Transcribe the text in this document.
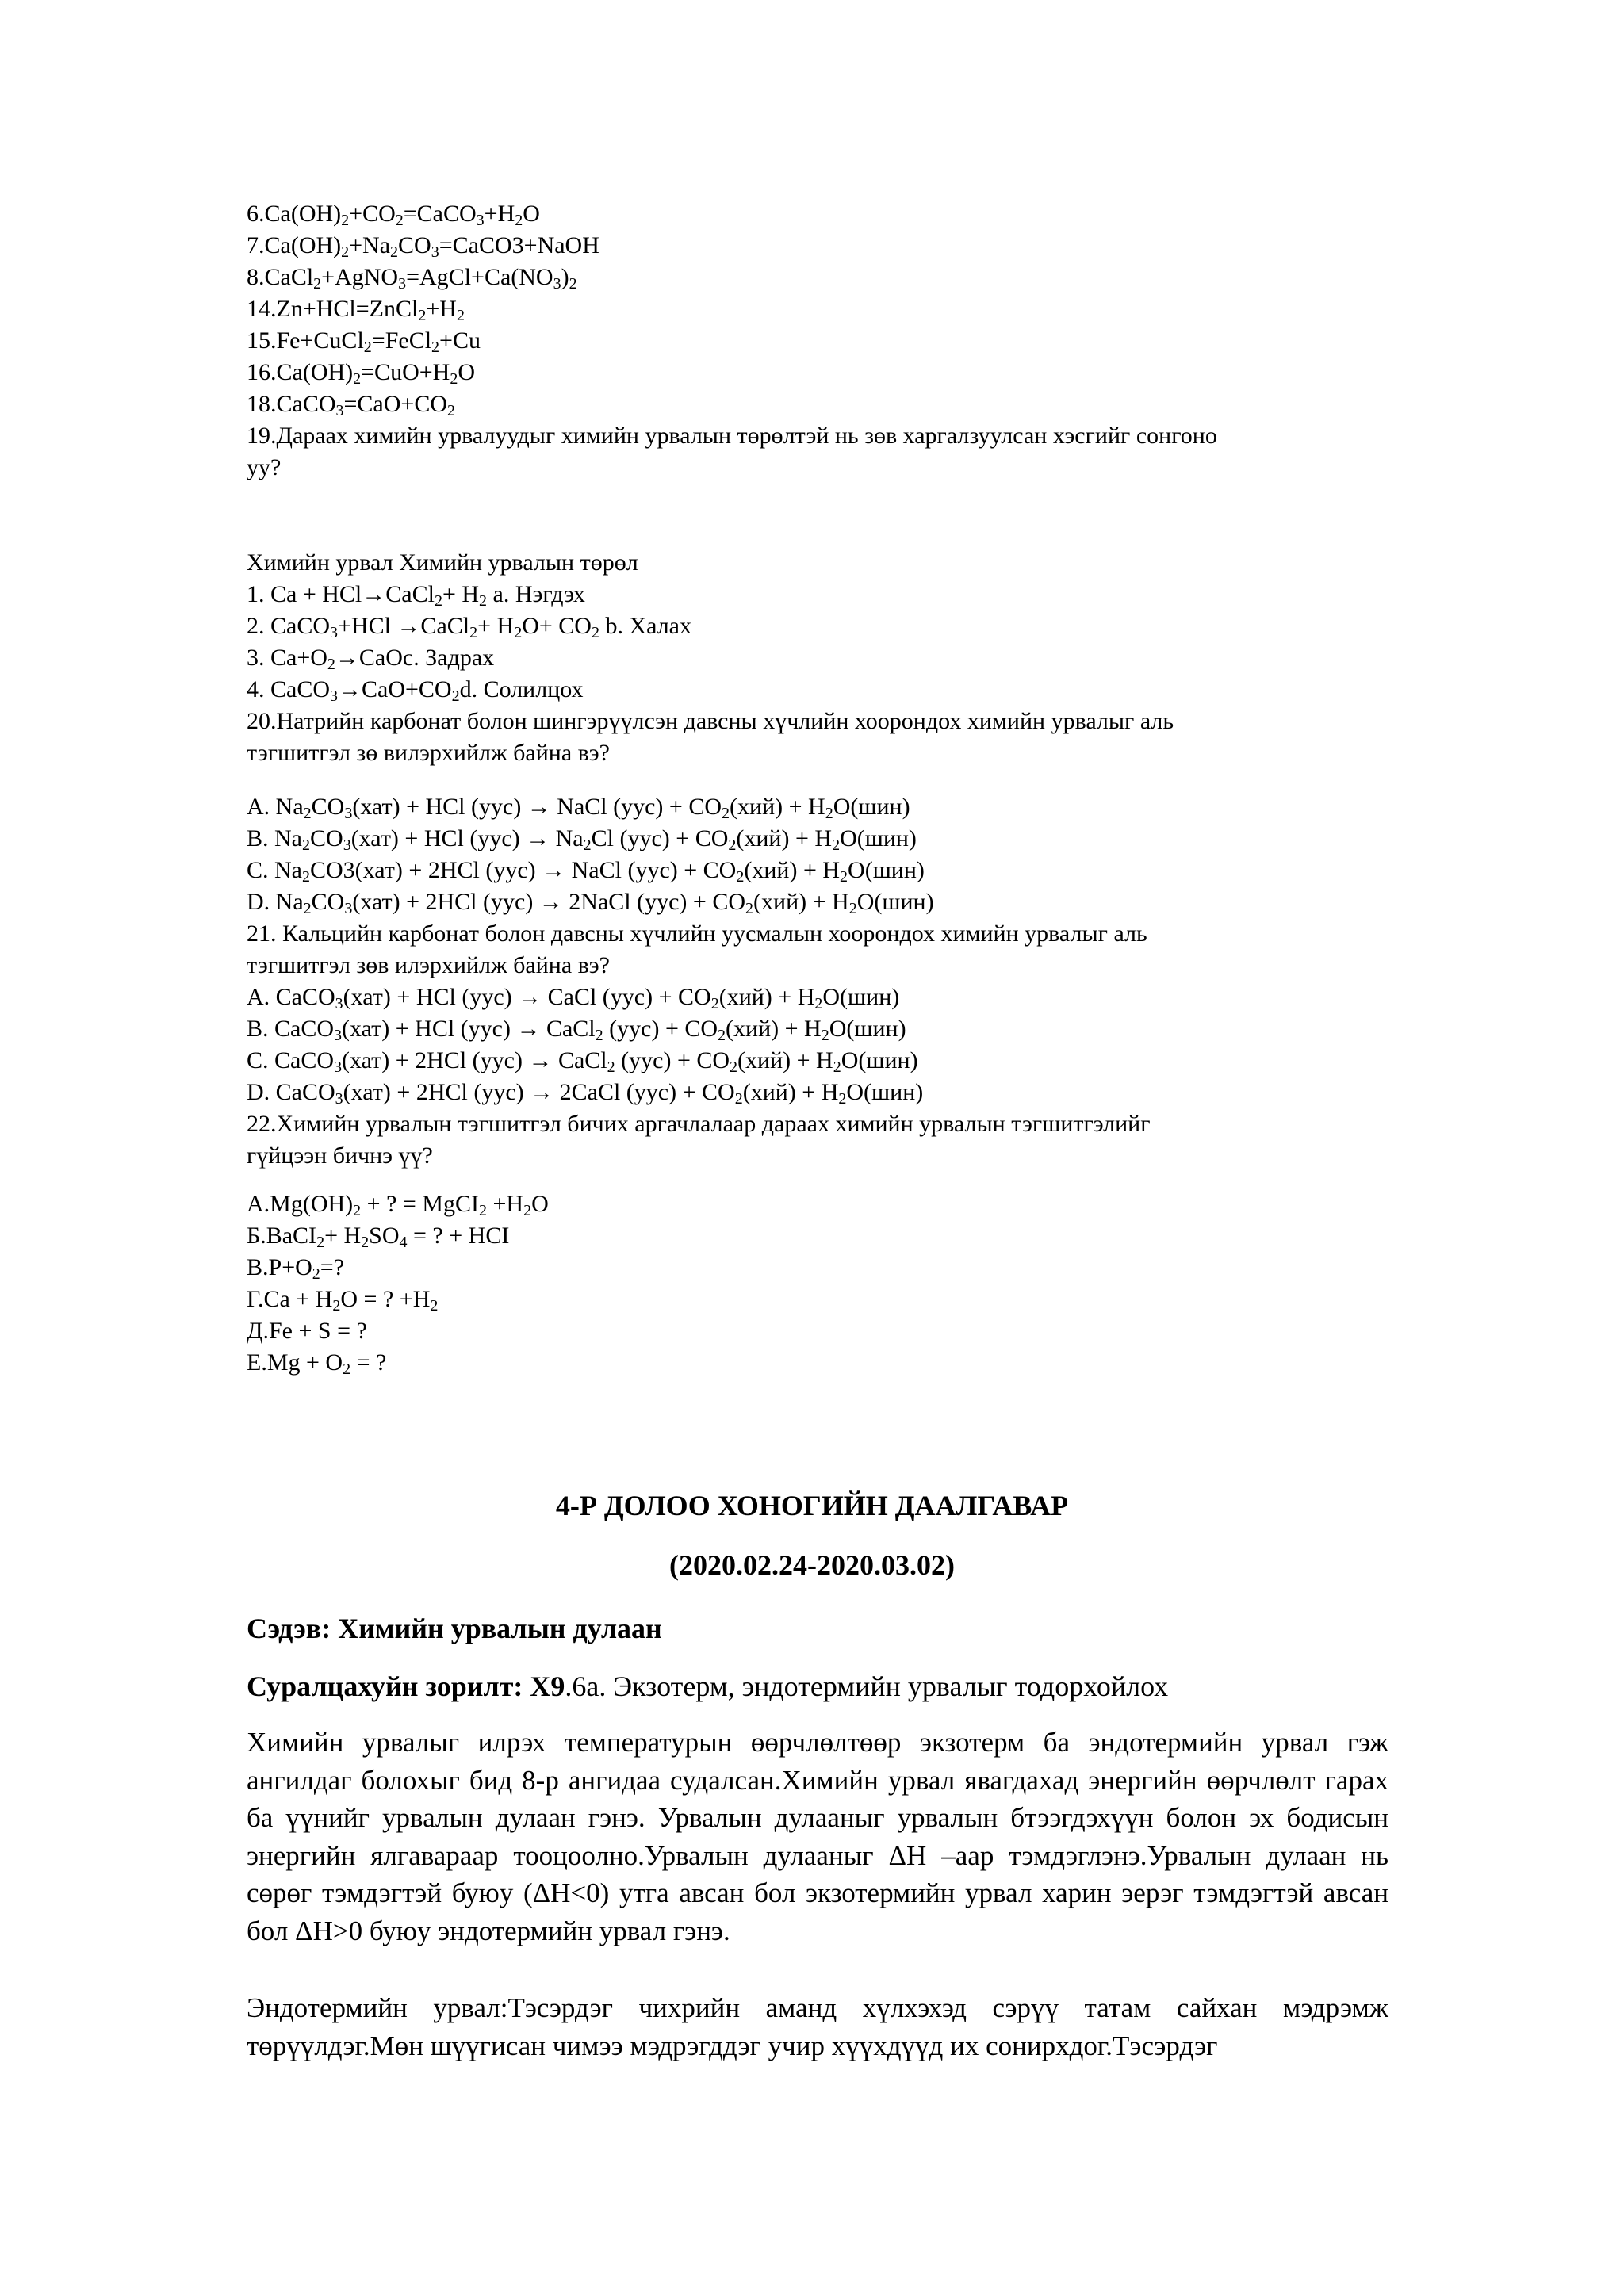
$6.Ca(OH)_2+CO_2=CaCO_3+H_2O$
$7.Ca(OH)_2+Na_2CO_3=CaCO3+NaOH$
$8.CaCl_2+AgNO_3=AgCl+Ca(NO_3)_2$
$14.Zn+HCl=ZnCl_2+H_2$
15.Fe+CuCl$_2$=FeCl$_2$+Cu
$16.Ca(OH)_2=CuO+H_2O$
$18.CaCO_3=CaO+CO_2$
19.Дараах химийн урвалуудыг химийн урвалын төрөлтэй нь зөв харгалзуулсан хэсгийг сонгоно
уу?
Химийн урвал Химийн урвалын төрөл
1. Ca + HCl→CaCl$_2$+ $H_2$ a. Нэгдэх
2. CaCO$_3$+HCl →CaCl$_2$+ $H_2O+ CO_2$ b. Халах
3. $Ca+O_2\to CaOc$. Задрах
4. $CaCO_3\to CaO+CO_2d$. Солилцох
20.Натрийн карбонат болон шингэрүүлсэн давсны хүчлийн хоорондох химийн урвалыг аль
тэгшитгэл зө вилэрхийлж байна вэ?
A. $Na_2CO_3(хат)$ + HCl (уус) → NaCl $(уус) + CO_2(хий) + H_2O(шин)$
B. $Na_2CO_3(хат)$ + HCl $(уус) \to Na_2Cl$ $(уус) + CO_2(хий) + H_2O(шин)$
C. $Na_2CO3(хат) + 2HCl$ (уус) → NaCl $(уус) + CO_2(хий) + H_2O(шин)$
D. $Na_2CO_3(хат) + 2HCl$ (уус) → 2NaCl $(уус) + CO_2(хий) + H_2O(шин)$
21. Кальцийн карбонат болон давсны хүчлийн уусмалын хоорондох химийн урвалыг аль
тэгшитгэл зөв илэрхийлж байна вэ?
A. CaCO$_3$(хат) + HCl (уус) → CaCl $(уус) + CO_2(хий) + H_2O(шин)$
B. CaCO$_3$(хат) + HCl (уус) → CaCl$_2$ $(уус) + CO_2(хий) + H_2O(шин)$
C. CaCO$_3$(хат) + 2HCl (уус) → CaCl$_2$ $(уус) + CO_2(хий) + H_2O(шин)$
D. CaCO$_3$(хат) + 2HCl (уус) → 2CaCl $(уус) + CO_2(хий) + H_2O(шин)$
22.Химийн урвалын тэгшитгэл бичих аргачлалаар дараах химийн урвалын тэгшитгэлийг
гүйцээн бичнэ үү?
$A.Mg(OH)_2$ + ? = MgCI$_2$ $+H_2O$
Б.BaCI$_2$+ $H_2SO_4$ = ? + HCI
$B.P+O_2=$?
$Г.Ca + H_2O$ = ? $+H_2$
Д.Fe + S = ?
$E.Mg + O_2$ = ?
4-Р ДОЛОО ХОНОГИЙН ДААЛГАВАР
(2020.02.24-2020.03.02)
Сэдэв: Химийн урвалын дулаан
Суралцахуйн зорилт: X9.6a. Экзотерм, эндотермийн урвалыг тодорхойлох
Химийн урвалыг илрэх температурын өөрчлөлтөөр экзотерм ба эндотермийн урвал гэж ангилдаг болохыг бид 8-р ангидаа судалсан.Химийн урвал явагдахад энергийн өөрчлөлт гарах ба үүнийг урвалын дулаан гэнэ. Урвалын дулааныг урвалын бтээгдэхүүн болон эх бодисын энергийн ялгавараар тооцоолно.Урвалын дулааныг ΔH –аар тэмдэглэнэ.Урвалын дулаан нь сөрөг тэмдэгтэй буюу (ΔH<0) утга авсан бол экзотермийн урвал харин эерэг тэмдэгтэй авсан бол ΔH>0 буюу эндотермийн урвал гэнэ.
Эндотермийн урвал:Тэсэрдэг чихрийн аманд хүлхэхэд сэрүү татам сайхан мэдрэмж төрүүлдэг.Мөн шүүгисан чимээ мэдрэгддэг учир хүүхдүүд их сонирхдог.Тэсэрдэг
